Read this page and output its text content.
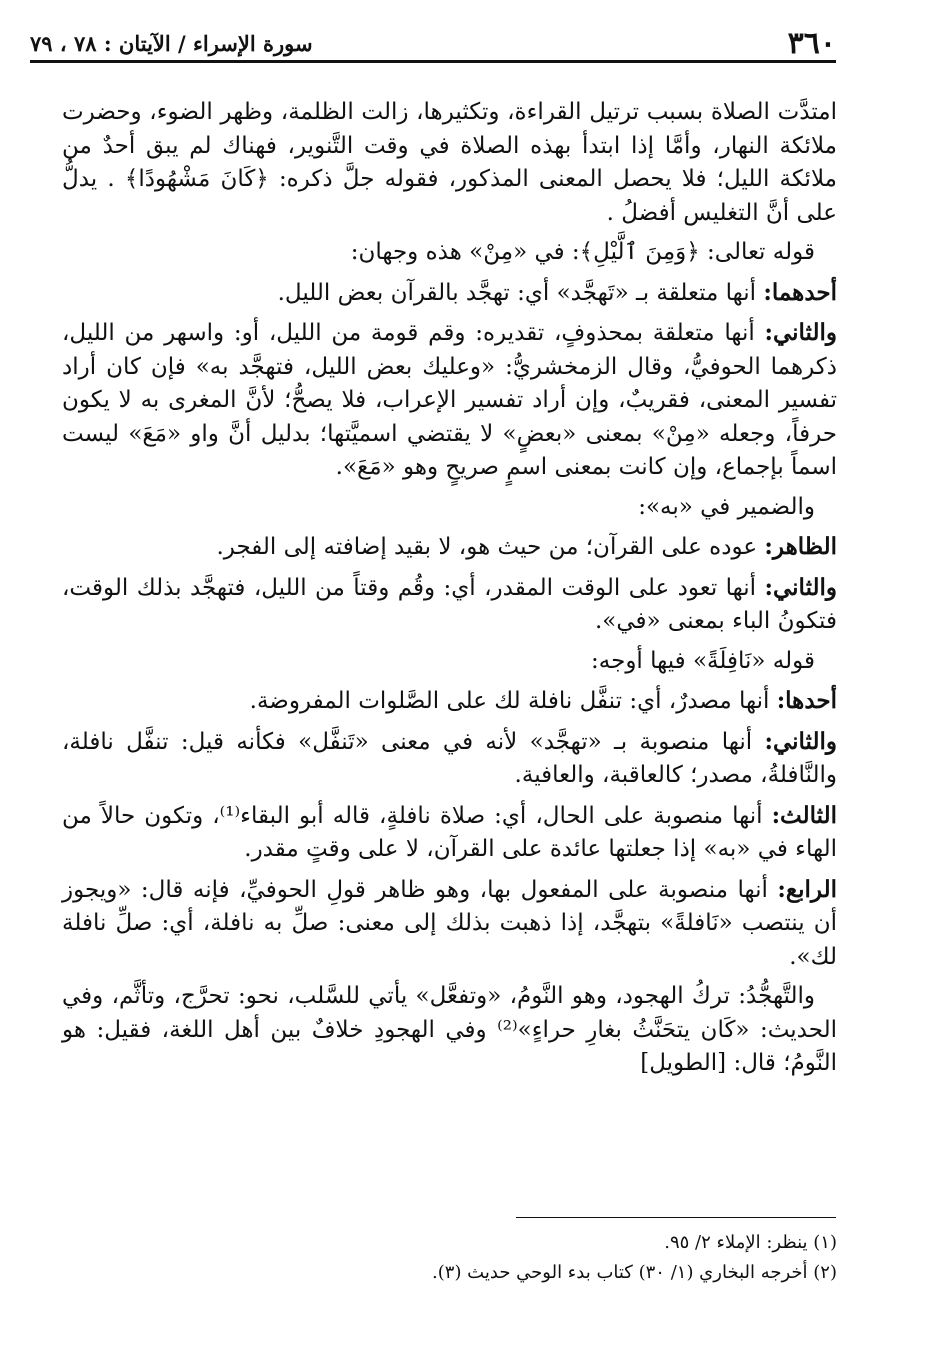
٣٦٠
سورة الإسراء / الآيتان : ٧٨ ، ٧٩

امتدَّت الصلاة بسبب ترتيل القراءة، وتكثيرها، زالت الظلمة، وظهر الضوء، وحضرت ملائكة النهار، وأمَّا إذا ابتدأ بهذه الصلاة في وقت التَّنوير، فهناك لم يبق أحدٌ من ملائكة الليل؛ فلا يحصل المعنى المذكور، فقوله جلَّ ذكره: ﴿كَانَ مَشْهُودًا﴾ . يدلُّ على أنَّ التغليس أفضلُ .

قوله تعالى: ﴿وَمِنَ ٱلَّيْلِ﴾: في «مِنْ» هذه وجهان:

أحدهما: أنها متعلقة بـ «تَهجَّد» أي: تهجَّد بالقرآن بعض الليل.

والثاني: أنها متعلقة بمحذوفٍ، تقديره: وقم قومة من الليل، أو: واسهر من الليل، ذكرهما الحوفيُّ، وقال الزمخشريُّ: «وعليك بعض الليل، فتهجَّد به» فإن كان أراد تفسير المعنى، فقريبٌ، وإن أراد تفسير الإعراب، فلا يصحُّ؛ لأنَّ المغرى به لا يكون حرفاً، وجعله «مِنْ» بمعنى «بعضٍ» لا يقتضي اسميَّتها؛ بدليل أنَّ واو «مَعَ» ليست اسماً بإجماع، وإن كانت بمعنى اسمٍ صريحٍ وهو «مَعَ».

والضمير في «به»:

الظاهر: عوده على القرآن؛ من حيث هو، لا بقيد إضافته إلى الفجر.

والثاني: أنها تعود على الوقت المقدر، أي: وقُم وقتاً من الليل، فتهجَّد بذلك الوقت، فتكونُ الباء بمعنى «في».

قوله «نَافِلَةً» فيها أوجه:

أحدها: أنها مصدرٌ، أي: تنفَّل نافلة لك على الصَّلوات المفروضة.

والثاني: أنها منصوبة بـ «تهجَّد» لأنه في معنى «تَنفَّل» فكأنه قيل: تنفَّل نافلة، والنَّافلةُ، مصدر؛ كالعاقبة، والعافية.

الثالث: أنها منصوبة على الحال، أي: صلاة نافلةٍ، قاله أبو البقاء⁽¹⁾، وتكون حالاً من الهاء في «به» إذا جعلتها عائدة على القرآن، لا على وقتٍ مقدر.

الرابع: أنها منصوبة على المفعول بها، وهو ظاهر قولِ الحوفيِّ، فإنه قال: «ويجوز أن ينتصب «نَافلةً» بتهجَّد، إذا ذهبت بذلك إلى معنى: صلِّ به نافلة، أي: صلِّ نافلة لك».

والتَّهجُّدُ: تركُ الهجود، وهو النَّومُ، «وتفعَّل» يأتي للسَّلب، نحو: تحرَّج، وتأثَّم، وفي الحديث: «كَان يتحَنَّثُ بغارِ حراءٍ»⁽²⁾ وفي الهجودِ خلافٌ بين أهل اللغة، فقيل: هو النَّومُ؛ قال: [الطويل]

(١) ينظر: الإملاء ٢/ ٩٥.

(٢) أخرجه البخاري (١/ ٣٠) كتاب بدء الوحي حديث (٣).
